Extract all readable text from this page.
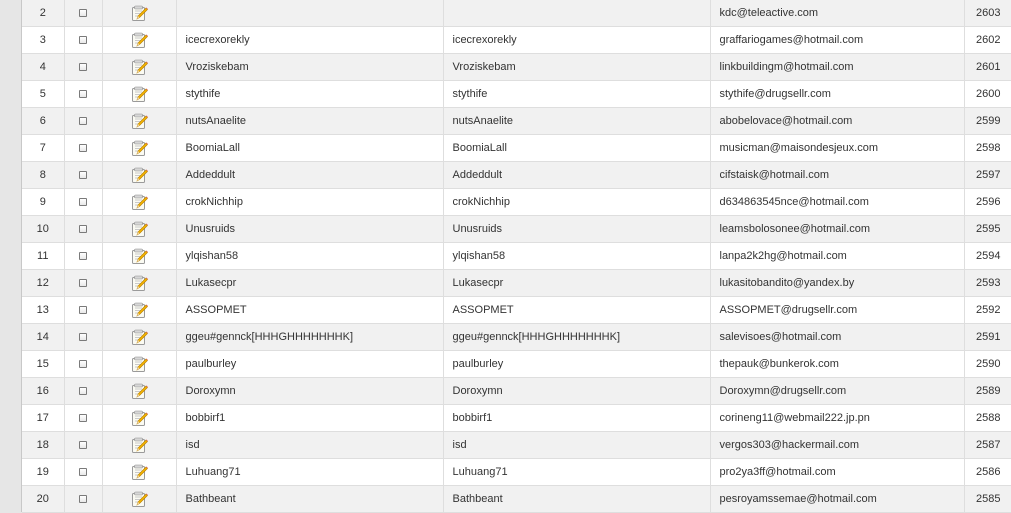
2					kdc@teleactive.com	2603
3			icecrexorekly	icecrexorekly	graffariogames@hotmail.com	2602
4			Vroziskebam	Vroziskebam	linkbuildingm@hotmail.com	2601
5			stythife	stythife	stythife@drugsellr.com	2600
6			nutsAnaelite	nutsAnaelite	abobelovace@hotmail.com	2599
7			BoomiaLall	BoomiaLall	musicman@maisondesjeux.com	2598
8			Addeddult	Addeddult	cifstaisk@hotmail.com	2597
9			crokNichhip	crokNichhip	d634863545nce@hotmail.com	2596
10			Unusruids	Unusruids	leamsbolosonee@hotmail.com	2595
11			ylqishan58	ylqishan58	lanpa2k2hg@hotmail.com	2594
12			Lukasecpr	Lukasecpr	lukasitobandito@yandex.by	2593
13			ASSOPMET	ASSOPMET	ASSOPMET@drugsellr.com	2592
14			ggeu#gennck[HHHGHHHHHHHK]	ggeu#gennck[HHHGHHHHHHHK]	salevisoes@hotmail.com	2591
15			paulburley	paulburley	thepauk@bunkerok.com	2590
16			Doroxymn	Doroxymn	Doroxymn@drugsellr.com	2589
17			bobbirf1	bobbirf1	corineng11@webmail222.jp.pn	2588
18			isd	isd	vergos303@hackermail.com	2587
19			Luhuang71	Luhuang71	pro2ya3ff@hotmail.com	2586
20			Bathbeant	Bathbeant	pesroyamssemae@hotmail.com	2585
